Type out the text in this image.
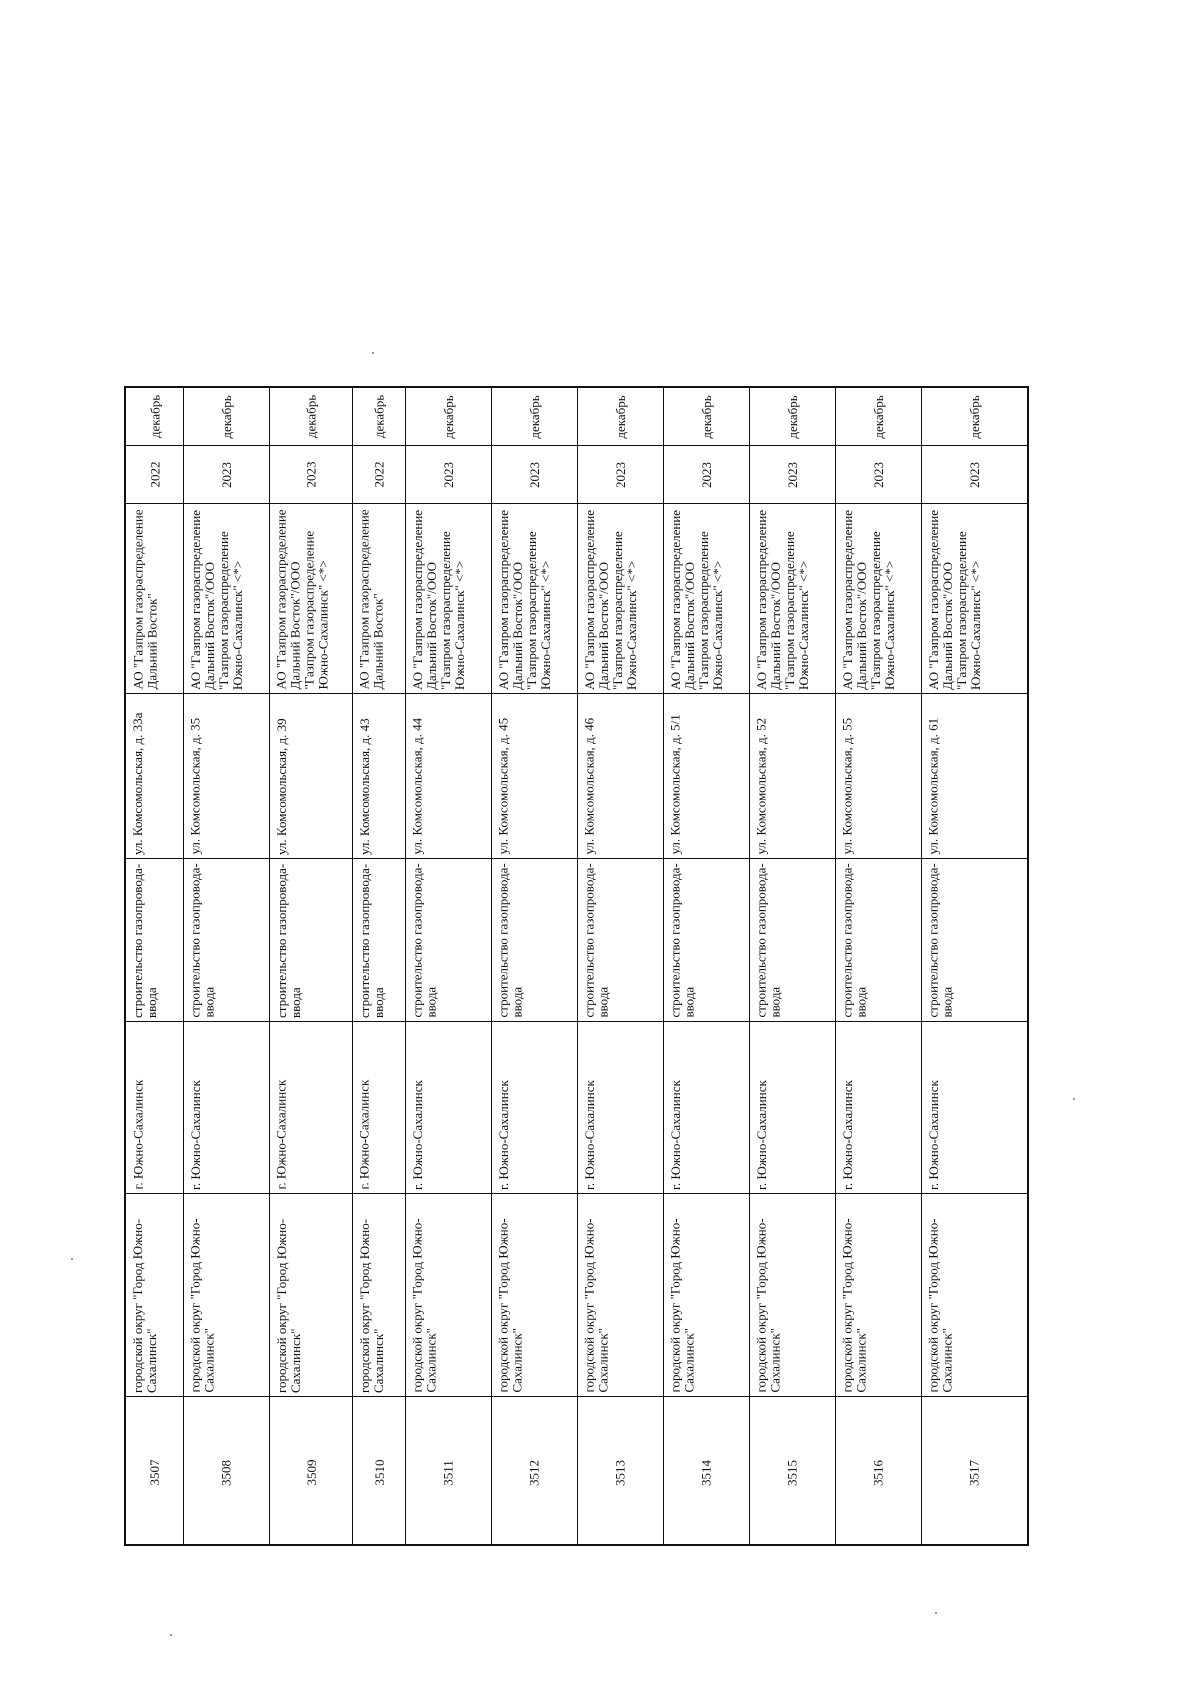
декабрь
2022
АО "Газпром газораспределение Дальний Восток"
ул. Комсомольская, д. 33а
строительство газопровода-ввода
г. Южно-Сахалинск
городской округ "Город Южно-Сахалинск"
3507
декабрь
2023
АО "Газпром газораспределение Дальний Восток"/ООО "Газпром газораспределение Южно-Сахалинск" <*>
ул. Комсомольская, д. 35
строительство газопровода-ввода
г. Южно-Сахалинск
городской округ "Город Южно-Сахалинск"
3508
декабрь
2023
АО "Газпром газораспределение Дальний Восток"/ООО "Газпром газораспределение Южно-Сахалинск" <*>
ул. Комсомольская, д. 39
строительство газопровода-ввода
г. Южно-Сахалинск
городской округ "Город Южно-Сахалинск"
3509
декабрь
2022
АО "Газпром газораспределение Дальний Восток"
ул. Комсомольская, д. 43
строительство газопровода-ввода
г. Южно-Сахалинск
городской округ "Город Южно-Сахалинск"
3510
декабрь
2023
АО "Газпром газораспределение Дальний Восток"/ООО "Газпром газораспределение Южно-Сахалинск" <*>
ул. Комсомольская, д. 44
строительство газопровода-ввода
г. Южно-Сахалинск
городской округ "Город Южно-Сахалинск"
3511
декабрь
2023
АО "Газпром газораспределение Дальний Восток"/ООО "Газпром газораспределение Южно-Сахалинск" <*>
ул. Комсомольская, д. 45
строительство газопровода-ввода
г. Южно-Сахалинск
городской округ "Город Южно-Сахалинск"
3512
декабрь
2023
АО "Газпром газораспределение Дальний Восток"/ООО "Газпром газораспределение Южно-Сахалинск" <*>
ул. Комсомольская, д. 46
строительство газопровода-ввода
г. Южно-Сахалинск
городской округ "Город Южно-Сахалинск"
3513
декабрь
2023
АО "Газпром газораспределение Дальний Восток"/ООО "Газпром газораспределение Южно-Сахалинск" <*>
ул. Комсомольская, д. 5/1
строительство газопровода-ввода
г. Южно-Сахалинск
городской округ "Город Южно-Сахалинск"
3514
декабрь
2023
АО "Газпром газораспределение Дальний Восток"/ООО "Газпром газораспределение Южно-Сахалинск" <*>
ул. Комсомольская, д. 52
строительство газопровода-ввода
г. Южно-Сахалинск
городской округ "Город Южно-Сахалинск"
3515
декабрь
2023
АО "Газпром газораспределение Дальний Восток"/ООО "Газпром газораспределение Южно-Сахалинск" <*>
ул. Комсомольская, д. 55
строительство газопровода-ввода
г. Южно-Сахалинск
городской округ "Город Южно-Сахалинск"
3516
декабрь
2023
АО "Газпром газораспределение Дальний Восток"/ООО "Газпром газораспределение Южно-Сахалинск" <*>
ул. Комсомольская, д. 61
строительство газопровода-ввода
г. Южно-Сахалинск
городской округ "Город Южно-Сахалинск"
3517
